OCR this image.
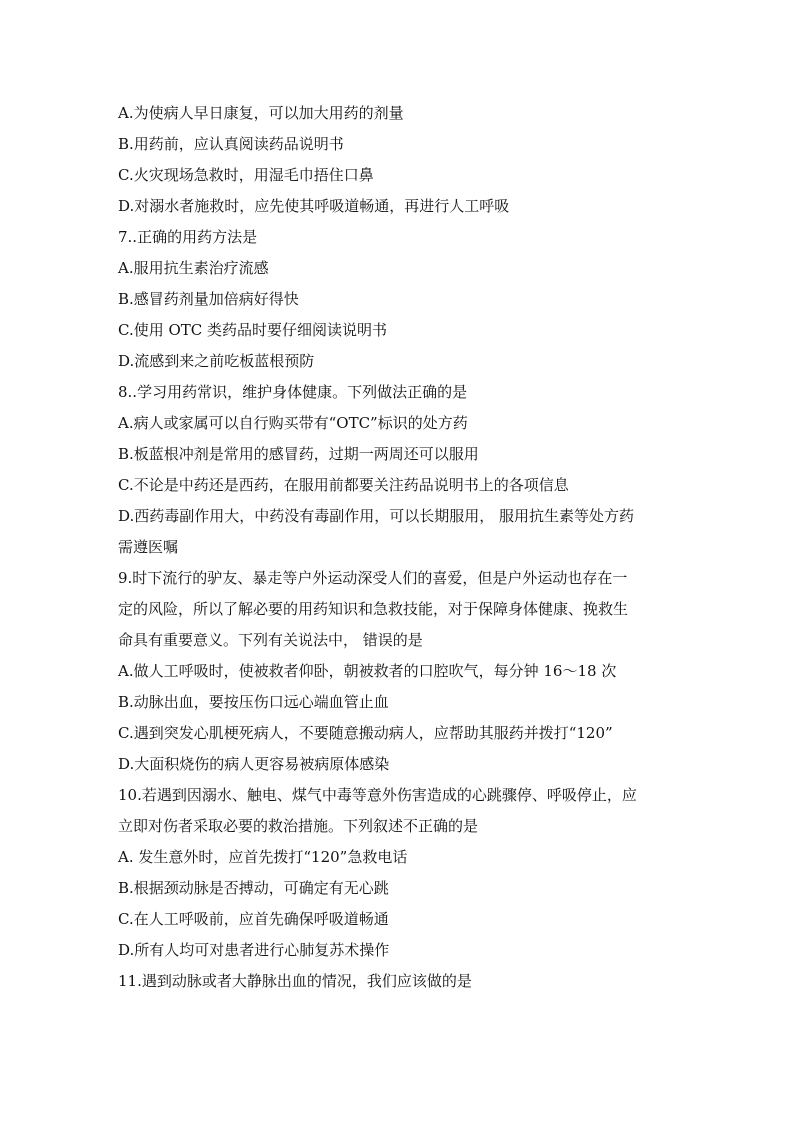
A.为使病人早日康复，可以加大用药的剂量

B.用药前，应认真阅读药品说明书

C.火灾现场急救时，用湿毛巾捂住口鼻

D.对溺水者施救时，应先使其呼吸道畅通，再进行人工呼吸

7..正确的用药方法是

A.服用抗生素治疗流感

B.感冒药剂量加倍病好得快

C.使用 OTC 类药品时要仔细阅读说明书

D.流感到来之前吃板蓝根预防

8..学习用药常识，维护身体健康。下列做法正确的是

A.病人或家属可以自行购买带有“OTC”标识的处方药

B.板蓝根冲剂是常用的感冒药，过期一两周还可以服用

C.不论是中药还是西药，在服用前都要关注药品说明书上的各项信息

D.西药毒副作用大，中药没有毒副作用，可以长期服用， 服用抗生素等处方药

需遵医嘱

9.时下流行的驴友、暴走等户外运动深受人们的喜爱，但是户外运动也存在一

定的风险，所以了解必要的用药知识和急救技能，对于保障身体健康、挽救生

命具有重要意义。下列有关说法中， 错误的是

A.做人工呼吸时，使被救者仰卧，朝被救者的口腔吹气，每分钟 16～18 次

B.动脉出血，要按压伤口远心端血管止血

C.遇到突发心肌梗死病人，不要随意搬动病人，应帮助其服药并拨打“120”

D.大面积烧伤的病人更容易被病原体感染

10.若遇到因溺水、触电、煤气中毒等意外伤害造成的心跳骤停、呼吸停止，应

立即对伤者采取必要的救治措施。下列叙述不正确的是

A. 发生意外时，应首先拨打“120”急救电话

B.根据颈动脉是否搏动，可确定有无心跳

C.在人工呼吸前，应首先确保呼吸道畅通

D.所有人均可对患者进行心肺复苏术操作

11.遇到动脉或者大静脉出血的情况，我们应该做的是
